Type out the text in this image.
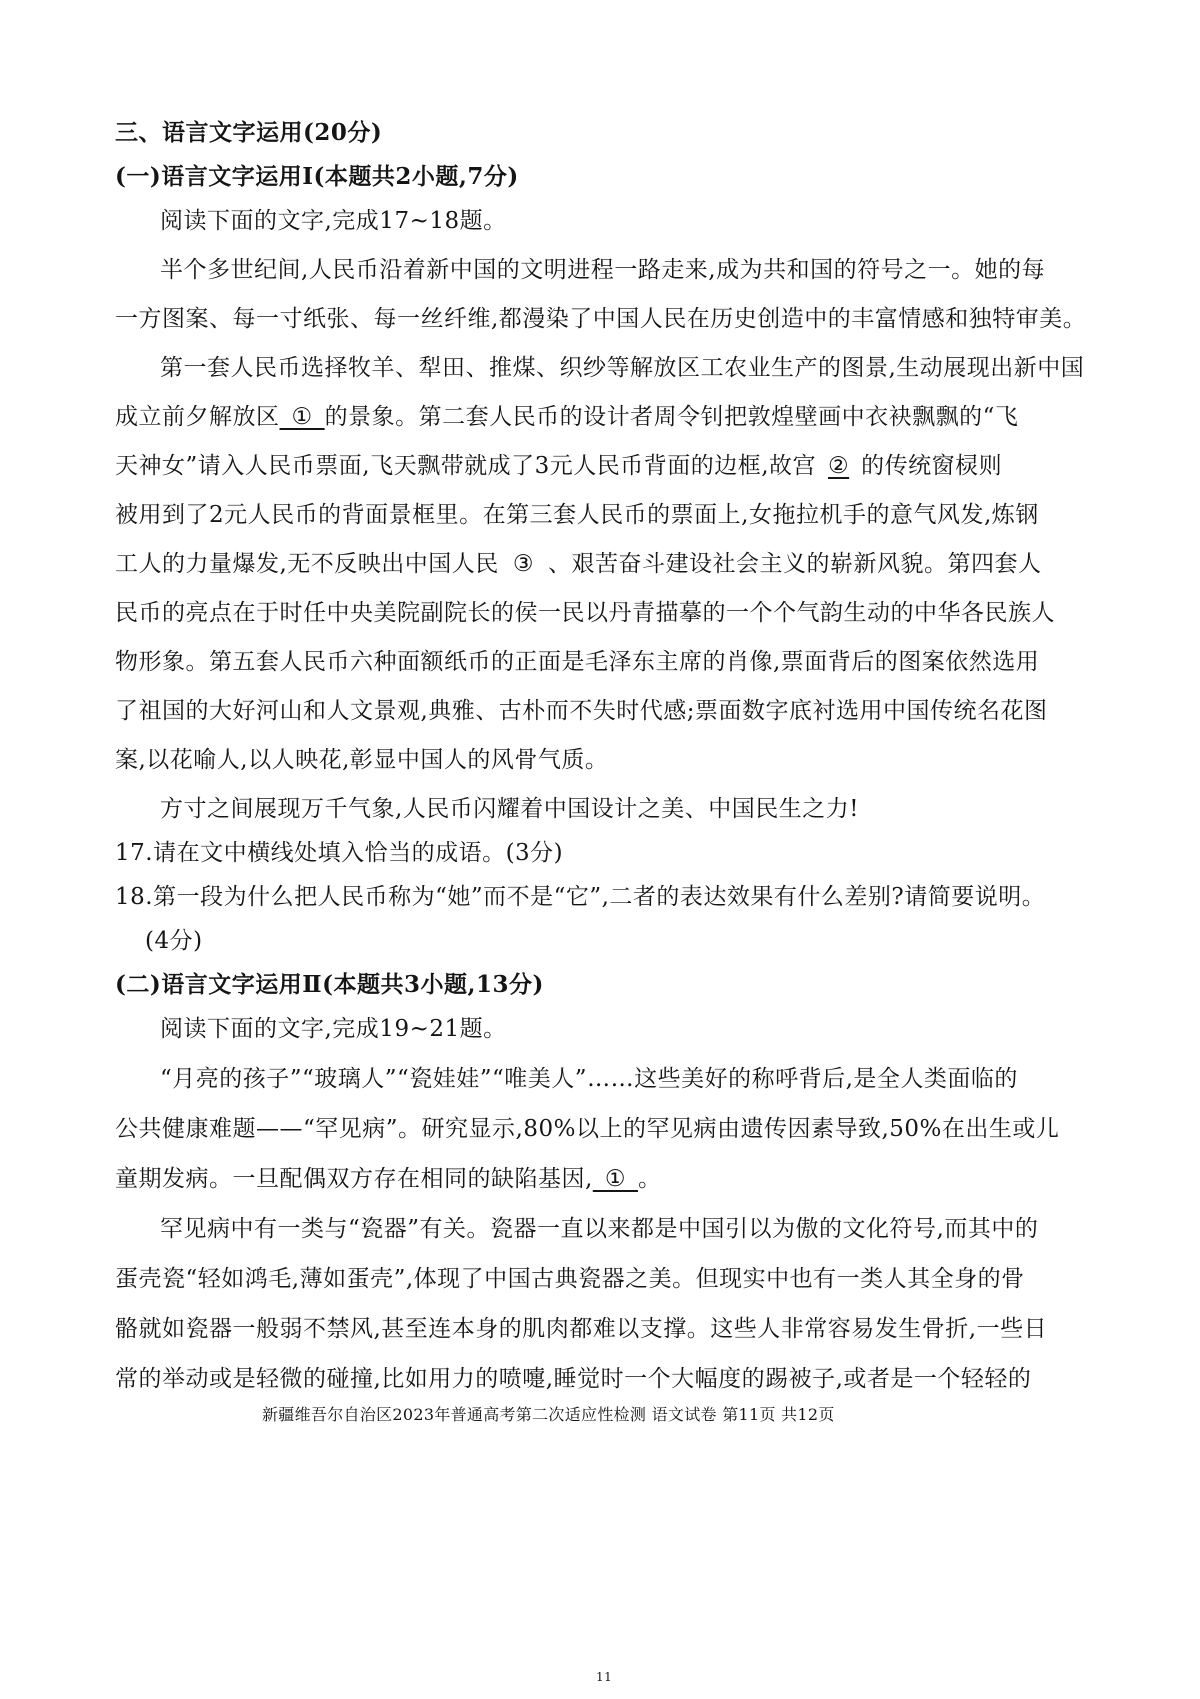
三、语言文字运用(20分)
(一)语言文字运用Ⅰ(本题共2小题,7分)
阅读下面的文字,完成17~18题。
半个多世纪间,人民币沿着新中国的文明进程一路走来,成为共和国的符号之一。她的每
一方图案、每一寸纸张、每一丝纤维,都漫染了中国人民在历史创造中的丰富情感和独特审美。
第一套人民币选择牧羊、犁田、推煤、织纱等解放区工农业生产的图景,生动展现出新中国
成立前夕解放区_①_的景象。第二套人民币的设计者周令钊把敦煌壁画中衣袂飘飘的“飞
天神女”请入人民币票面,飞天飘带就成了3元人民币背面的边框,故宫 ② 的传统窗棂则
被用到了2元人民币的背面景框里。在第三套人民币的票面上,女拖拉机手的意气风发,炼钢
工人的力量爆发,无不反映出中国人民 ③ 、艰苦奋斗建设社会主义的崭新风貌。第四套人
民币的亮点在于时任中央美院副院长的侯一民以丹青描摹的一个个气韵生动的中华各民族人
物形象。第五套人民币六种面额纸币的正面是毛泽东主席的肖像,票面背后的图案依然选用
了祖国的大好河山和人文景观,典雅、古朴而不失时代感;票面数字底衬选用中国传统名花图
案,以花喻人,以人映花,彰显中国人的风骨气质。
方寸之间展现万千气象,人民币闪耀着中国设计之美、中国民生之力!
17.请在文中横线处填入恰当的成语。(3分)
18.第一段为什么把人民币称为“她”而不是“它”,二者的表达效果有什么差别?请简要说明。
(4分)
(二)语言文字运用Ⅱ(本题共3小题,13分)
阅读下面的文字,完成19~21题。
“月亮的孩子”“玻璃人”“瓷娃娃”“唯美人”……这些美好的称呼背后,是全人类面临的
公共健康难题——“罕见病”。研究显示,80%以上的罕见病由遗传因素导致,50%在出生或儿
童期发病。一旦配偶双方存在相同的缺陷基因,_①_。
罕见病中有一类与“瓷器”有关。瓷器一直以来都是中国引以为傲的文化符号,而其中的
蛋壳瓷“轻如鸿毛,薄如蛋壳”,体现了中国古典瓷器之美。但现实中也有一类人其全身的骨
骼就如瓷器一般弱不禁风,甚至连本身的肌肉都难以支撑。这些人非常容易发生骨折,一些日
常的举动或是轻微的碰撞,比如用力的喷嚏,睡觉时一个大幅度的踢被子,或者是一个轻轻的
新疆维吾尔自治区2023年普通高考第二次适应性检测 语文试卷 第11页 共12页
11
